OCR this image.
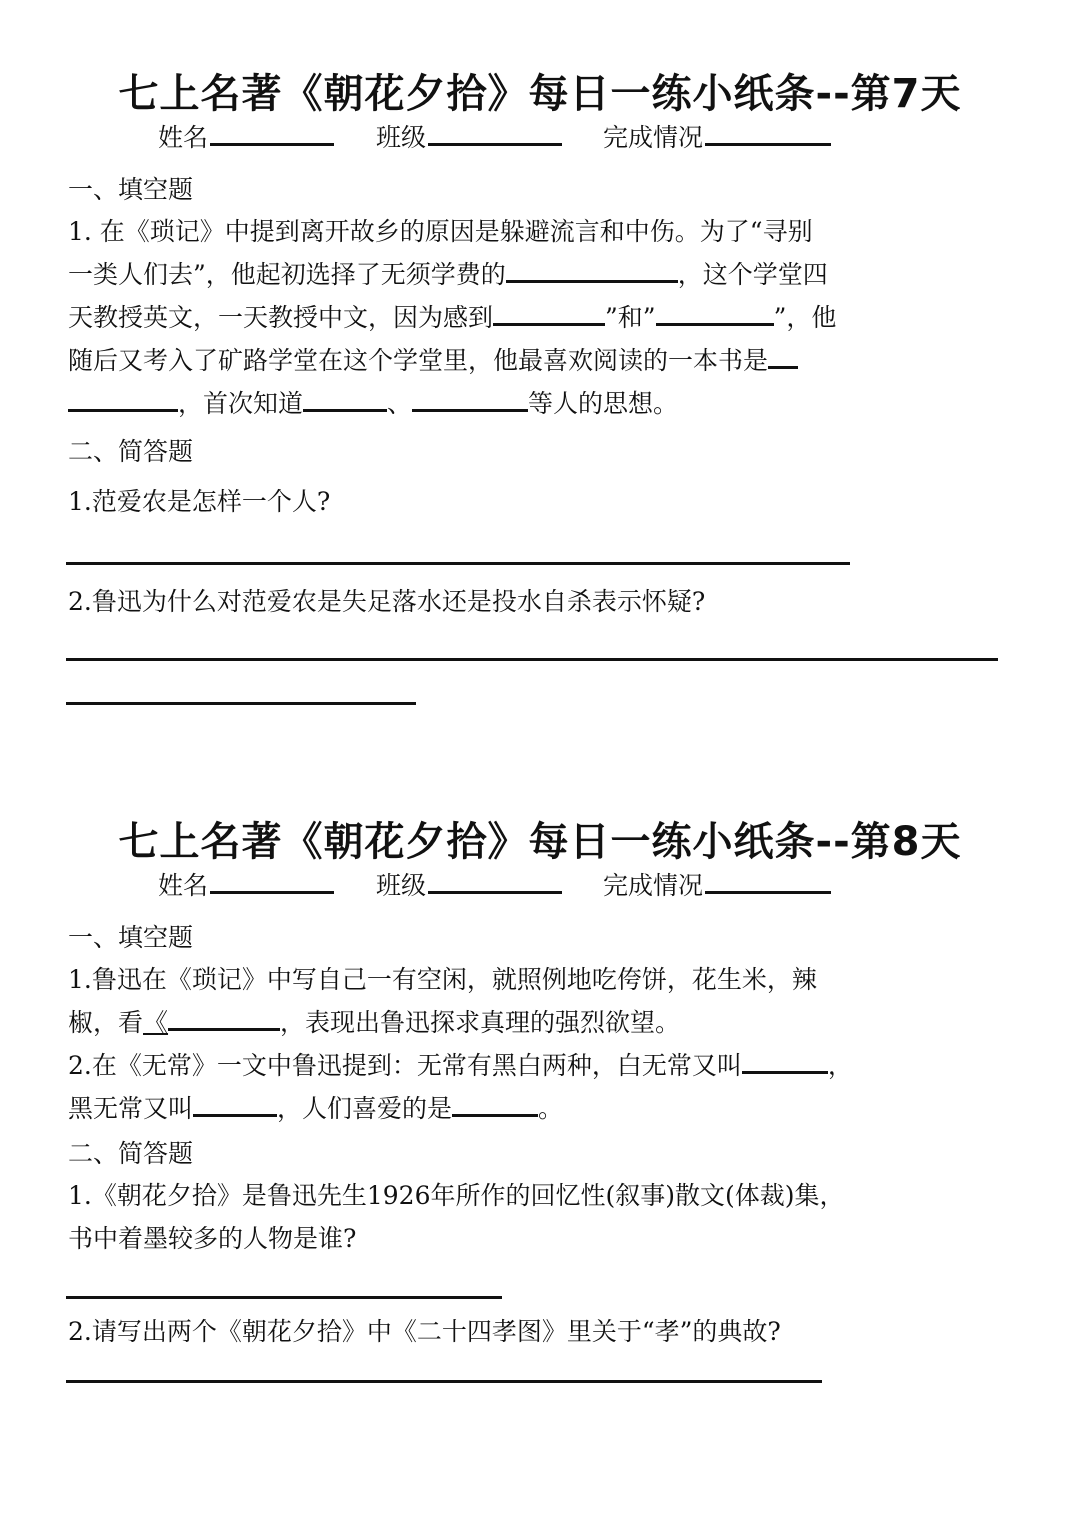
七上名著《朝花夕拾》每日一练小纸条--第7天
姓名	班级	完成情况
一、填空题
1. 在《琐记》中提到离开故乡的原因是躲避流言和中伤。为了“寻别
一类人们去”，他起初选择了无须学费的	，这个学堂四
天教授英文，一天教授中文，因为感到	”和”	”，他
随后又考入了矿路学堂在这个学堂里，他最喜欢阅读的一本书是
，首次知道	、	等人的思想。
二、简答题
1.范爱农是怎样一个人?
2.鲁迅为什么对范爱农是失足落水还是投水自杀表示怀疑?
七上名著《朝花夕拾》每日一练小纸条--第8天
姓名	班级	完成情况
一、填空题
1.鲁迅在《琐记》中写自己一有空闲，就照例地吃侉饼，花生米，辣
椒，看《	，表现出鲁迅探求真理的强烈欲望。
2.在《无常》一文中鲁迅提到：无常有黑白两种，白无常又叫	，
黑无常又叫	，人们喜爱的是	。
二、简答题
1.《朝花夕拾》是鲁迅先生1926年所作的回忆性(叙事)散文(体裁)集，
书中着墨较多的人物是谁?
2.请写出两个《朝花夕拾》中《二十四孝图》里关于“孝”的典故?
